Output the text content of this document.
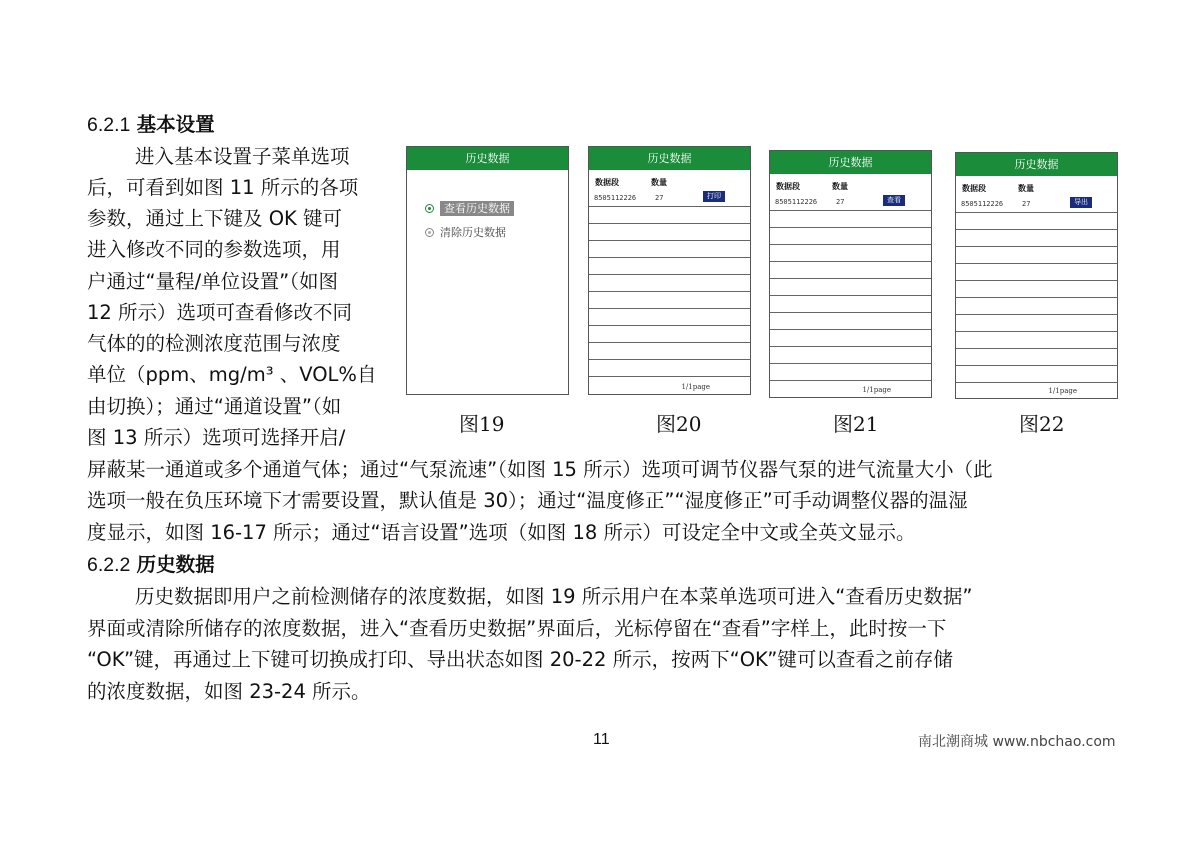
6.2.1 基本设置
进入基本设置子菜单选项
后，可看到如图 11 所示的各项
参数，通过上下键及 OK 键可
进入修改不同的参数选项，用
户通过“量程/单位设置”（如图
12 所示）选项可查看修改不同
气体的的检测浓度范围与浓度
单位（ppm、mg/m³ 、VOL%自
由切换）；通过“通道设置”（如
图 13 所示）选项可选择开启/
屏蔽某一通道或多个通道气体；通过“气泵流速”（如图 15 所示）选项可调节仪器气泵的进气流量大小（此
选项一般在负压环境下才需要设置，默认值是 30）；通过“温度修正”“湿度修正”可手动调整仪器的温湿
度显示，如图 16-17 所示；通过“语言设置”选项（如图 18 所示）可设定全中文或全英文显示。
历史数据
查看历史数据
清除历史数据
图19
历史数据
数据段	数量
8505112226	27	打印
1/1page
图20
历史数据
数据段	数量
8505112226	27	查看
1/1page
图21
历史数据
数据段	数量
8505112226	27	导出
1/1page
图22
6.2.2 历史数据
历史数据即用户之前检测储存的浓度数据，如图 19 所示用户在本菜单选项可进入“查看历史数据”
界面或清除所储存的浓度数据，进入“查看历史数据”界面后，光标停留在“查看”字样上，此时按一下
“OK”键，再通过上下键可切换成打印、导出状态如图 20-22 所示，按两下“OK”键可以查看之前存储
的浓度数据，如图 23-24 所示。
11	南北潮商城 www.nbchao.com
